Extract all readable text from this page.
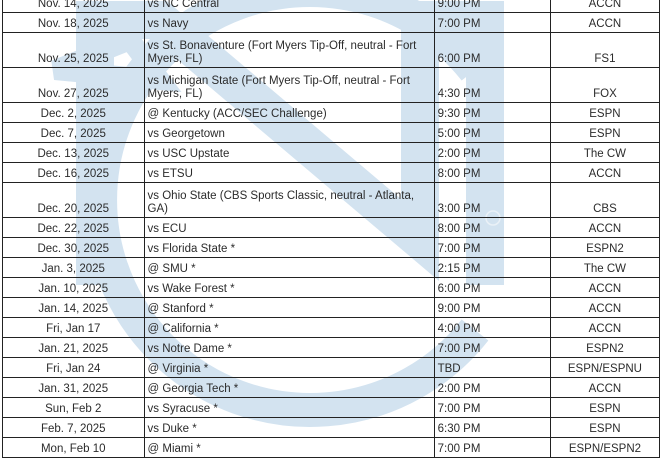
Nov. 14, 2025	vs NC Central	9:00 PM	ACCN
Nov. 18, 2025	vs Navy	7:00 PM	ACCN
Nov. 25, 2025	vs St. Bonaventure (Fort Myers Tip-Off, neutral - Fort Myers, FL)	6:00 PM	FS1
Nov. 27, 2025	vs Michigan State (Fort Myers Tip-Off, neutral - Fort Myers, FL)	4:30 PM	FOX
Dec. 2, 2025	@ Kentucky (ACC/SEC Challenge)	9:30 PM	ESPN
Dec. 7, 2025	vs Georgetown	5:00 PM	ESPN
Dec. 13, 2025	vs USC Upstate	2:00 PM	The CW
Dec. 16, 2025	vs ETSU	8:00 PM	ACCN
Dec. 20, 2025	vs Ohio State (CBS Sports Classic, neutral - Atlanta, GA)	3:00 PM	CBS
Dec. 22, 2025	vs ECU	8:00 PM	ACCN
Dec. 30, 2025	vs Florida State *	7:00 PM	ESPN2
Jan. 3, 2025	@ SMU *	2:15 PM	The CW
Jan. 10, 2025	vs Wake Forest *	6:00 PM	ACCN
Jan. 14, 2025	@ Stanford *	9:00 PM	ACCN
Fri, Jan 17	@ California *	4:00 PM	ACCN
Jan. 21, 2025	vs Notre Dame *	7:00 PM	ESPN2
Fri, Jan 24	@ Virginia *	TBD	ESPN/ESPNU
Jan. 31, 2025	@ Georgia Tech *	2:00 PM	ACCN
Sun, Feb 2	vs Syracuse *	7:00 PM	ESPN
Feb. 7, 2025	vs Duke *	6:30 PM	ESPN
Mon, Feb 10	@ Miami *	7:00 PM	ESPN/ESPN2
